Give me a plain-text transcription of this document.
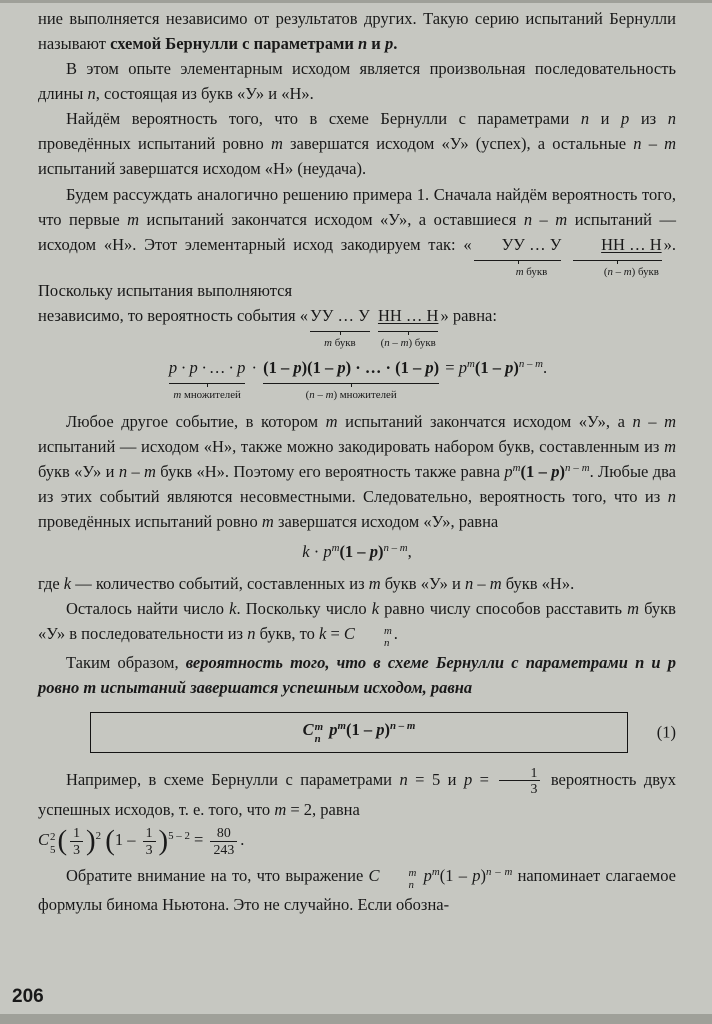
ние выполняется независимо от результатов других. Такую серию испытаний Бернулли называют схемой Бернулли с параметрами n и p.

В этом опыте элементарным исходом является произвольная последовательность длины n, состоящая из букв «У» и «Н».

Найдём вероятность того, что в схеме Бернулли с параметрами n и p из n проведённых испытаний ровно m завершатся исходом «У» (успех), а остальные n – m испытаний завершатся исходом «Н» (неудача).

Будем рассуждать аналогично решению примера 1. Сначала найдём вероятность того, что первые m испытаний закончатся исходом «У», а оставшиеся n – m испытаний — исходом «Н». Этот элементарный исход закодируем так: «	УУ … У
m букв

НН … Н
(n – m) букв
». Поскольку испытания выполняются

независимо, то вероятность события « УУ … У
m букв

НН … Н
(n – m) букв
» равна:

p · p · … · p
m множителей
· (1 – p)(1 – p) · … · (1 – p)
(n – m) множителей
= $p^m(1 - p)^{n - m}$.

Любое другое событие, в котором m испытаний закончатся исходом «У», а n – m испытаний — исходом «Н», также можно закодировать набором букв, составленным из m букв «У» и n – m букв «Н». Поэтому его вероятность также равна $p^m(1 - p)^{n - m}$. Любые два из этих событий являются несовместными. Следовательно, вероятность того, что из n проведённых испытаний ровно m завершатся исходом «У», равна

$k \cdot p^m(1 - p)^{n - m}$,

где k — количество событий, составленных из m букв «У» и n – m букв «Н».

Осталось найти число k. Поскольку число k равно числу способов расставить m букв «У» в последовательности из n букв, то k = C	m
n
.

Таким образом, вероятность того, что в схеме Бернулли с параметрами n и p ровно m испытаний завершатся успешным исходом, равна

C m
n
$p^m(1 - p)^{n - m}$	(1)

Например, в схеме Бернулли с параметрами n = 5 и $p = \frac{1}{3}$ вероятность двух успешных исходов, т. е. того, что m = 2, равна

C 2
5 ( $\frac{1}{3} )^2$ $(1 - \frac{1}{3} )^{5 - 2} = \frac{80}{243}$ .

Обратите внимание на то, что выражение C	m
n
$p^m(1 - p)^{n - m}$ напоминает слагаемое формулы бинома Ньютона. Это не случайно. Если обозна-

206
